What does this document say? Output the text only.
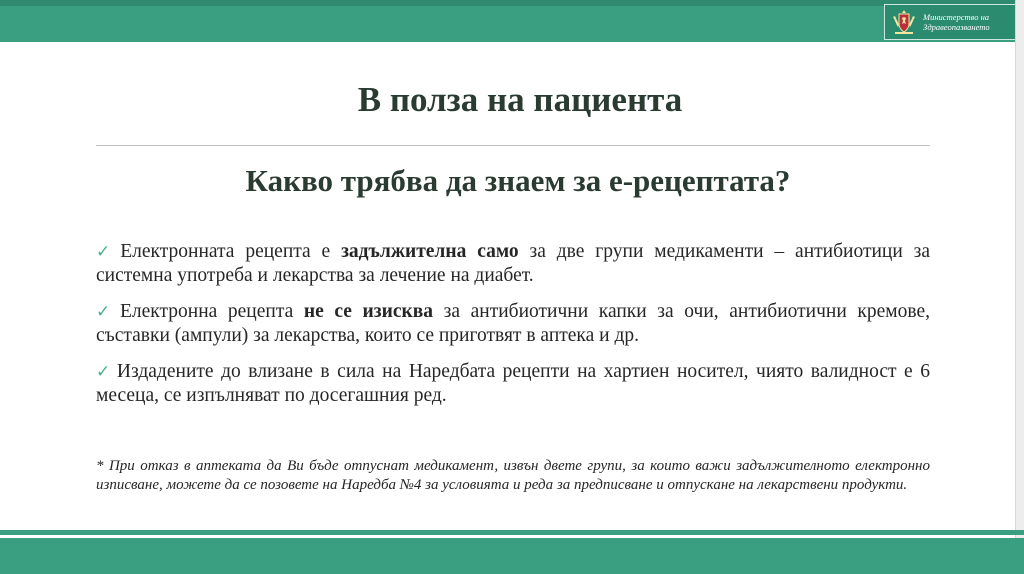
Министерство на
Здравеопазването
В полза на пациента
Какво трябва да знаем за е-рецептата?
✓ Електронната рецепта е задължителна само за две групи медикаменти – антибиотици за системна употреба и лекарства за лечение на диабет.
✓ Електронна рецепта не се изисква за антибиотични капки за очи, антибиотични кремове, съставки (ампули) за лекарства, които се приготвят в аптека и др.
✓ Издадените до влизане в сила на Наредбата рецепти на хартиен носител, чиято валидност е 6 месеца, се изпълняват по досегашния ред.

* При отказ в аптеката да Ви бъде отпуснат медикамент, извън двете групи, за които важи задължителното електронно изписване, можете да се позовете на Наредба №4 за условията и реда за предписване и отпускане на лекарствени продукти.
